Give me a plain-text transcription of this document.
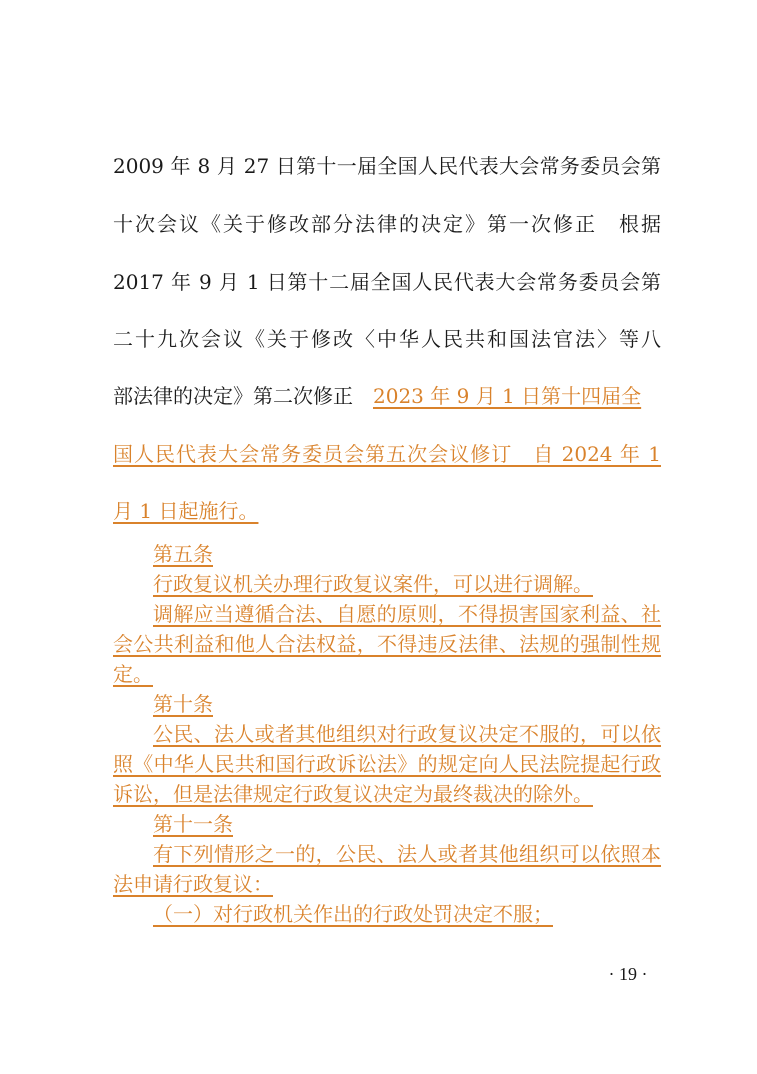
2009 年 8 月 27 日第十一届全国人民代表大会常务委员会第
十次会议《关于修改部分法律的决定》第一次修正　根据
2017 年 9 月 1 日第十二届全国人民代表大会常务委员会第
二十九次会议《关于修改〈中华人民共和国法官法〉等八
部法律的决定》第二次修正　2023 年 9 月 1 日第十四届全
国人民代表大会常务委员会第五次会议修订　自 2024 年 1
月 1 日起施行。

第五条

行政复议机关办理行政复议案件，可以进行调解。

调解应当遵循合法、自愿的原则，不得损害国家利益、社会公共利益和他人合法权益，不得违反法律、法规的强制性规定。

第十条

公民、法人或者其他组织对行政复议决定不服的，可以依照《中华人民共和国行政诉讼法》的规定向人民法院提起行政诉讼，但是法律规定行政复议决定为最终裁决的除外。

第十一条

有下列情形之一的，公民、法人或者其他组织可以依照本法申请行政复议：

（一）对行政机关作出的行政处罚决定不服；

· 19 ·
